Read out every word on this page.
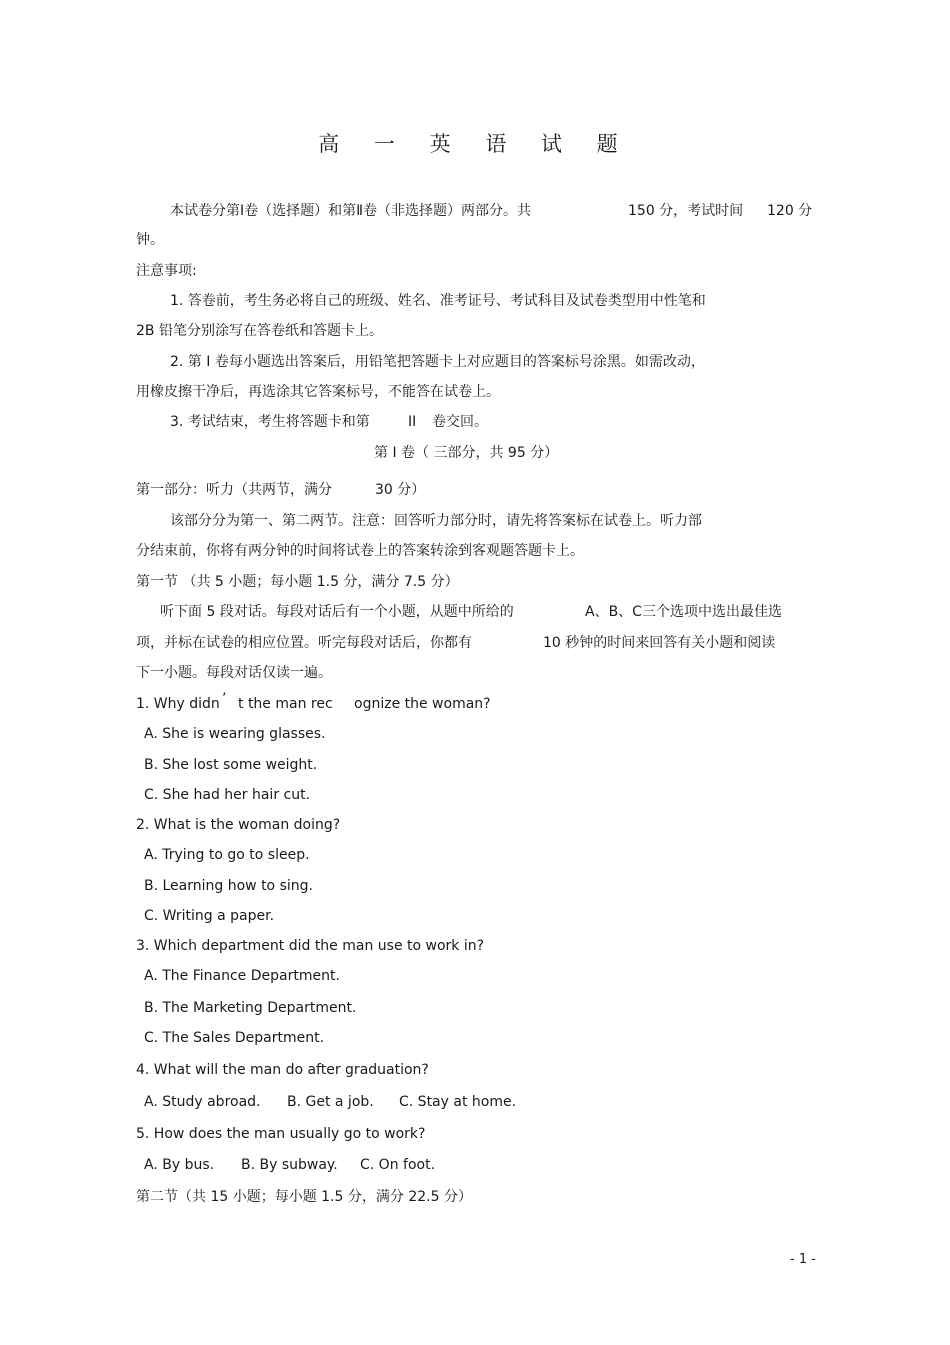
高 一 英 语 试 题
本试卷分第Ⅰ卷（选择题）和第Ⅱ卷（非选择题）两部分。共	150 分，考试时间 120 分
钟。
注意事项:
1. 答卷前，考生务必将自己的班级、姓名、准考证号、考试科目及试卷类型用中性笔和
2B 铅笔分别涂写在答卷纸和答题卡上。
2. 第 Ⅰ 卷每小题选出答案后，用铅笔把答题卡上对应题目的答案标号涂黑。如需改动，
用橡皮擦干净后，再选涂其它答案标号，不能答在试卷上。
3. 考试结束，考生将答题卡和第	II 卷交回。
第 Ⅰ 卷（ 三部分，共 95 分）
第一部分：听力（共两节，满分	30 分）
该部分分为第一、第二两节。注意：回答听力部分时，请先将答案标在试卷上。听力部
分结束前，你将有两分钟的时间将试卷上的答案转涂到客观题答题卡上。
第一节 （共 5 小题；每小题 1.5 分，满分 7.5 分）
听下面 5 段对话。每段对话后有一个小题，从题中所给的	A、B、C三个选项中选出最佳选
项，并标在试卷的相应位置。听完每段对话后，你都有	10 秒钟的时间来回答有关小题和阅读
下一小题。每段对话仅读一遍。
1. Why didn ’ t the man rec ognize the woman?
A. She is wearing glasses.
B. She lost some weight.
C. She had her hair cut.
2. What is the woman doing?
A. Trying to go to sleep.
B. Learning how to sing.
C. Writing a paper.
3. Which department did the man use to work in?
A. The Finance Department.
B. The Marketing Department.
C. The Sales Department.
4. What will the man do after graduation?
A. Study abroad. B. Get a job. C. Stay at home.
5. How does the man usually go to work?
A. By bus. B. By subway. C. On foot.
第二节（共 15 小题；每小题 1.5 分，满分 22.5 分）
- 1 -
